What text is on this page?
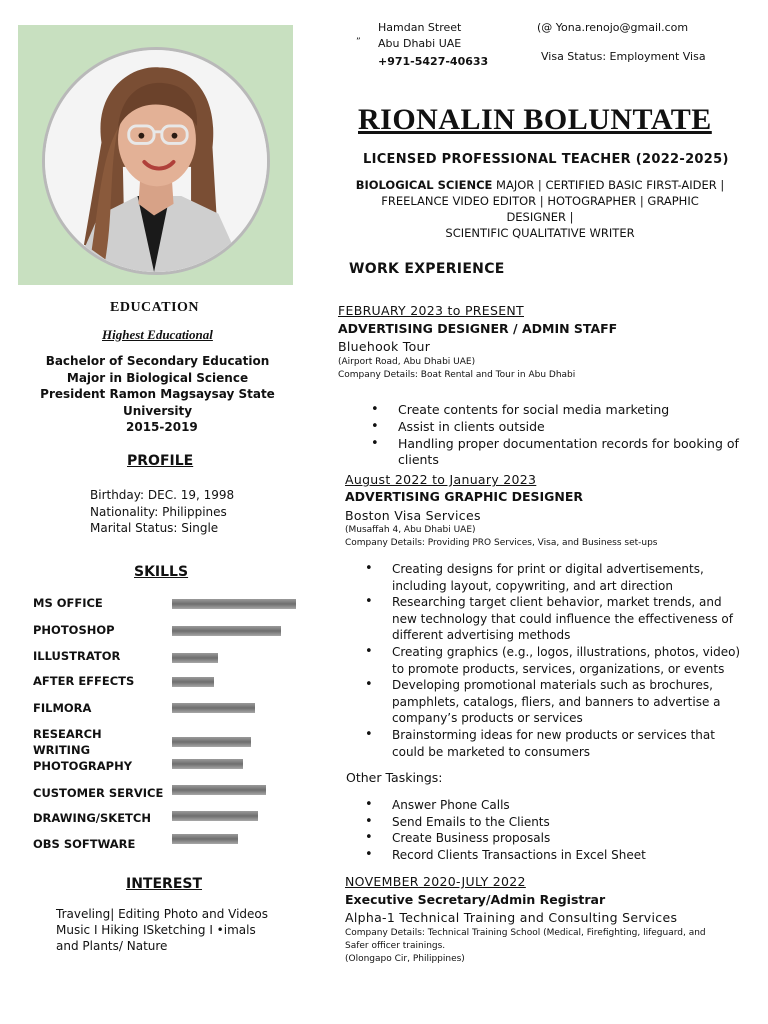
Hamdan Street
” Abu Dhabi UAE
+971-5427-40633
(@ Yona.renojo@gmail.com
Visa Status: Employment Visa
RIONALIN BOLUNTATE
LICENSED PROFESSIONAL TEACHER (2022-2025)
BIOLOGICAL SCIENCE MAJOR | CERTIFIED BASIC FIRST-AIDER |
FREELANCE VIDEO EDITOR | HOTOGRAPHER | GRAPHIC DESIGNER |
SCIENTIFIC QUALITATIVE WRITER
WORK EXPERIENCE
EDUCATION
Highest Educational
Bachelor of Secondary Education
Major in Biological Science
President Ramon Magsaysay State
University
2015-2019
PROFILE
Birthday: DEC. 19, 1998
Nationality: Philippines
Marital Status: Single
SKILLS
MS OFFICE
PHOTOSHOP
ILLUSTRATOR
AFTER EFFECTS
FILMORA
RESEARCH
WRITING
PHOTOGRAPHY
CUSTOMER SERVICE
DRAWING/SKETCH
OBS SOFTWARE
INTEREST
Traveling| Editing Photo and Videos
Music I Hiking ISketching I •imals
and Plants/ Nature
FEBRUARY 2023 to PRESENT
ADVERTISING DESIGNER / ADMIN STAFF
Bluehook Tour
(Airport Road, Abu Dhabi UAE)
Company Details: Boat Rental and Tour in Abu Dhabi
• Create contents for social media marketing
• Assist in clients outside
• Handling proper documentation records for booking of clients
August 2022 to January 2023
ADVERTISING GRAPHIC DESIGNER
Boston Visa Services
(Musaffah 4, Abu Dhabi UAE)
Company Details: Providing PRO Services, Visa, and Business set-ups
• Creating designs for print or digital advertisements, including layout, copywriting, and art direction
• Researching target client behavior, market trends, and new technology that could influence the effectiveness of different advertising methods
• Creating graphics (e.g., logos, illustrations, photos, video) to promote products, services, organizations, or events
• Developing promotional materials such as brochures, pamphlets, catalogs, fliers, and banners to advertise a company’s products or services
• Brainstorming ideas for new products or services that could be marketed to consumers
Other Taskings:
• Answer Phone Calls
• Send Emails to the Clients
• Create Business proposals
• Record Clients Transactions in Excel Sheet
NOVEMBER 2020-JULY 2022
Executive Secretary/Admin Registrar
Alpha-1 Technical Training and Consulting Services
Company Details: Technical Training School (Medical, Firefighting, lifeguard, and
Safer officer trainings.
(Olongapo Cir, Philippines)
